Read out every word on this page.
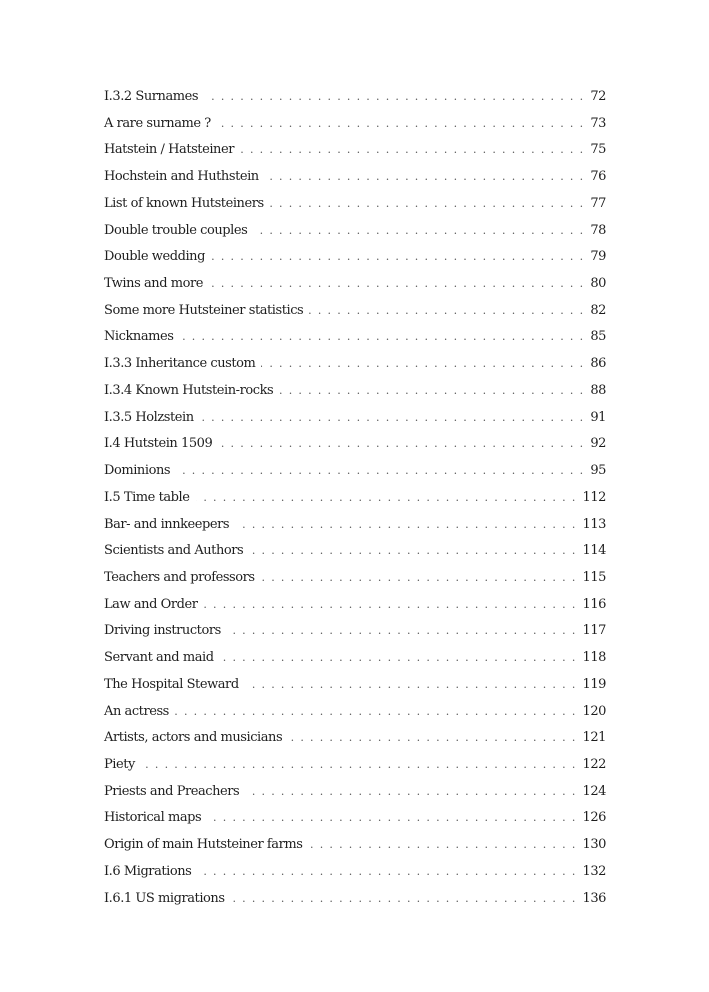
I.3.2 Surnames .....	72
A rare surname ? .....	73
Hatstein / Hatsteiner .....	75
Hochstein and Huthstein .....	76
List of known Hutsteiners .....	77
Double trouble couples .....	78
Double wedding .....	79
Twins and more .....	80
Some more Hutsteiner statistics .....	82
Nicknames .....	85
I.3.3 Inheritance custom .....	86
I.3.4 Known Hutstein-rocks .....	88
I.3.5 Holzstein .....	91
I.4 Hutstein 1509 .....	92
Dominions .....	95
I.5 Time table .....	112
Bar- and innkeepers .....	113
Scientists and Authors .....	114
Teachers and professors .....	115
Law and Order .....	116
Driving instructors .....	117
Servant and maid .....	118
The Hospital Steward .....	119
An actress .....	120
Artists, actors and musicians .....	121
Piety .....	122
Priests and Preachers .....	124
Historical maps .....	126
Origin of main Hutsteiner farms .....	130
I.6 Migrations .....	132
I.6.1 US migrations .....	136
